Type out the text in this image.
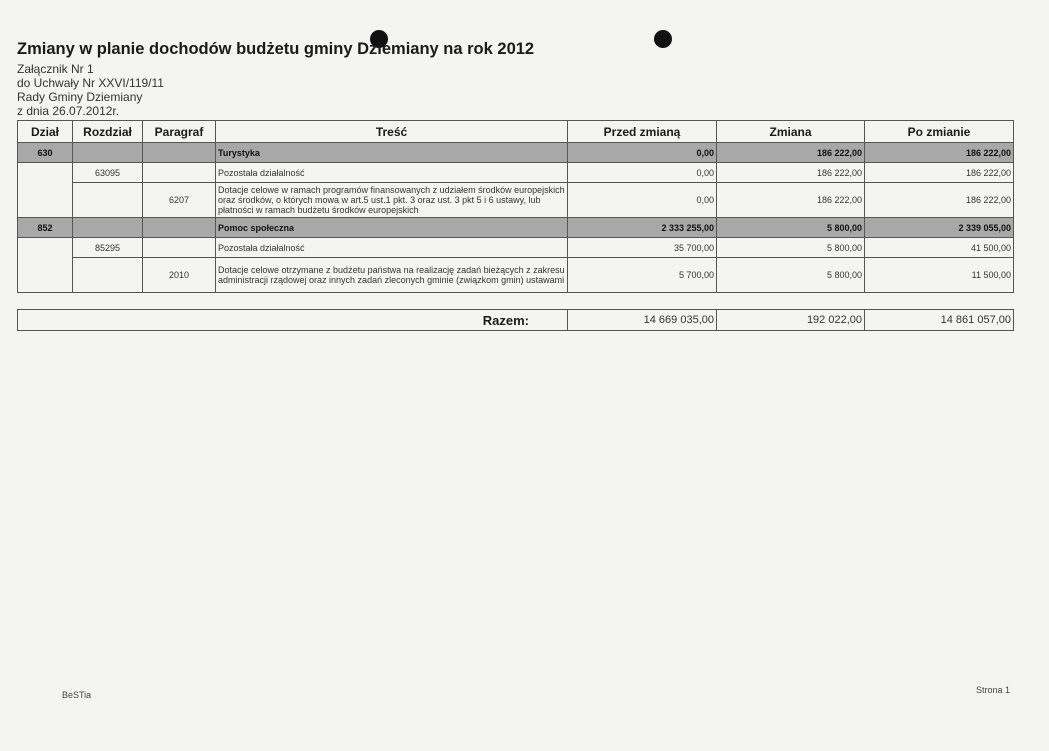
Zmiany w planie dochodów budżetu gminy Dziemiany na rok 2012
Załącznik Nr 1
do Uchwały Nr XXVI/119/11
Rady Gminy Dziemiany
z dnia 26.07.2012r.
Dział	Rozdział	Paragraf	Treść	Przed zmianą	Zmiana	Po zmianie
630			Turystyka	0,00	186 222,00	186 222,00
	63095		Pozostała działalność	0,00	186 222,00	186 222,00
		6207	Dotacje celowe w ramach programów finansowanych z udziałem środków europejskich oraz środków, o których mowa w art.5 ust.1 pkt. 3 oraz ust. 3 pkt 5 i 6 ustawy, lub płatności w ramach budżetu środków europejskich	0,00	186 222,00	186 222,00
852			Pomoc społeczna	2 333 255,00	5 800,00	2 339 055,00
	85295		Pozostała działalność	35 700,00	5 800,00	41 500,00
		2010	Dotacje celowe otrzymane z budżetu państwa na realizację zadań bieżących z zakresu administracji rządowej oraz innych zadań zleconych gminie (związkom gmin) ustawami	5 700,00	5 800,00	11 500,00
Razem:	14 669 035,00	192 022,00	14 861 057,00
BeSTia	Strona 1
